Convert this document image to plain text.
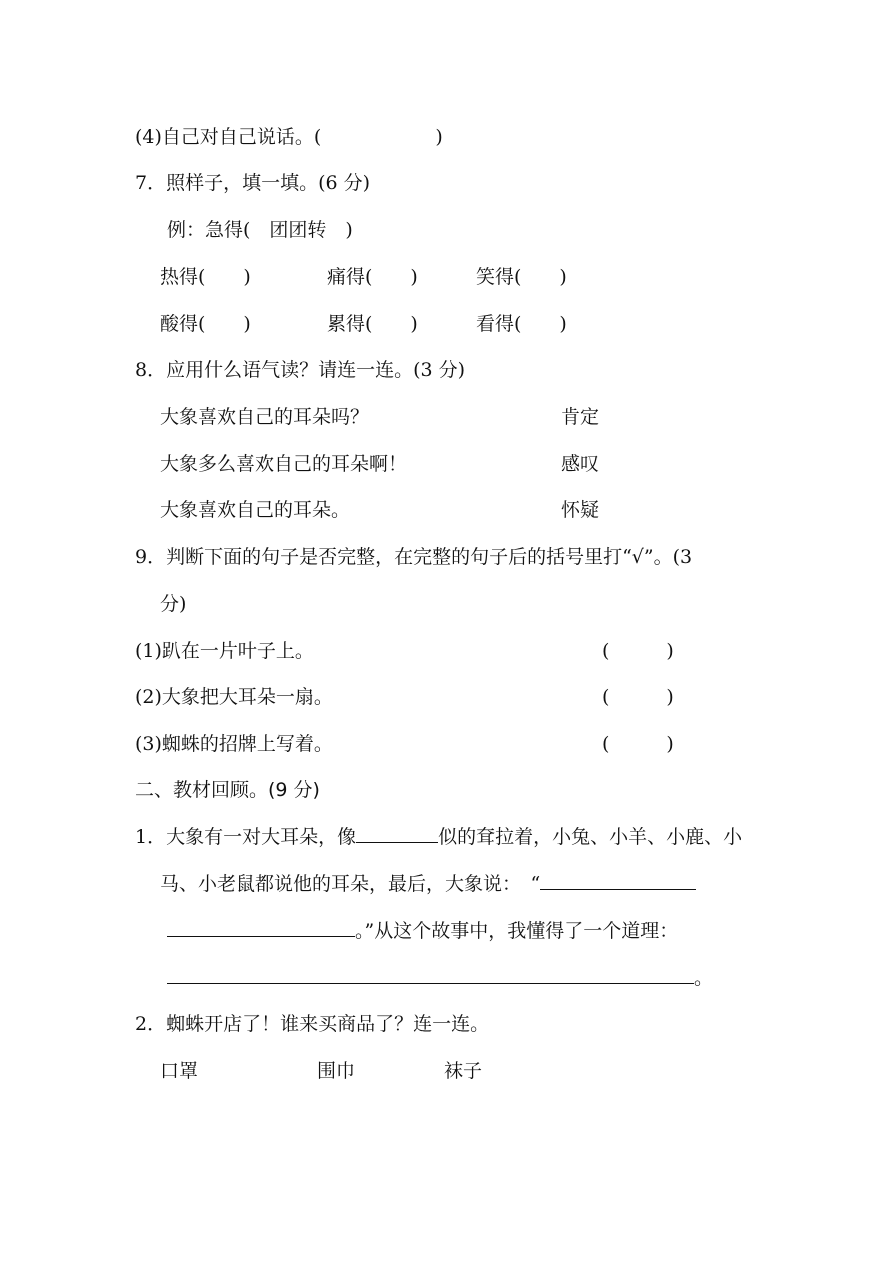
(4)自己对自己说话。(　　　　　　)
7．照样子，填一填。(6 分)
例：急得(　团团转　)
热得(　　)	痛得(　　)	笑得(　　)
酸得(　　)	累得(　　)	看得(　　)
8．应用什么语气读？请连一连。(3 分)
大象喜欢自己的耳朵吗？	肯定
大象多么喜欢自己的耳朵啊！	感叹
大象喜欢自己的耳朵。	怀疑
9．判断下面的句子是否完整，在完整的句子后的括号里打“√”。(3
分)
(1)趴在一片叶子上。	(　　　)
(2)大象把大耳朵一扇。	(　　　)
(3)蜘蛛的招牌上写着。	(　　　)
二、教材回顾。(9 分)
1．大象有一对大耳朵，像	似的耷拉着，小兔、小羊、小鹿、小
马、小老鼠都说他的耳朵，最后，大象说：　“
。”从这个故事中，我懂得了一个道理：
。
2．蜘蛛开店了！谁来买商品了？连一连。
口罩	围巾	袜子
